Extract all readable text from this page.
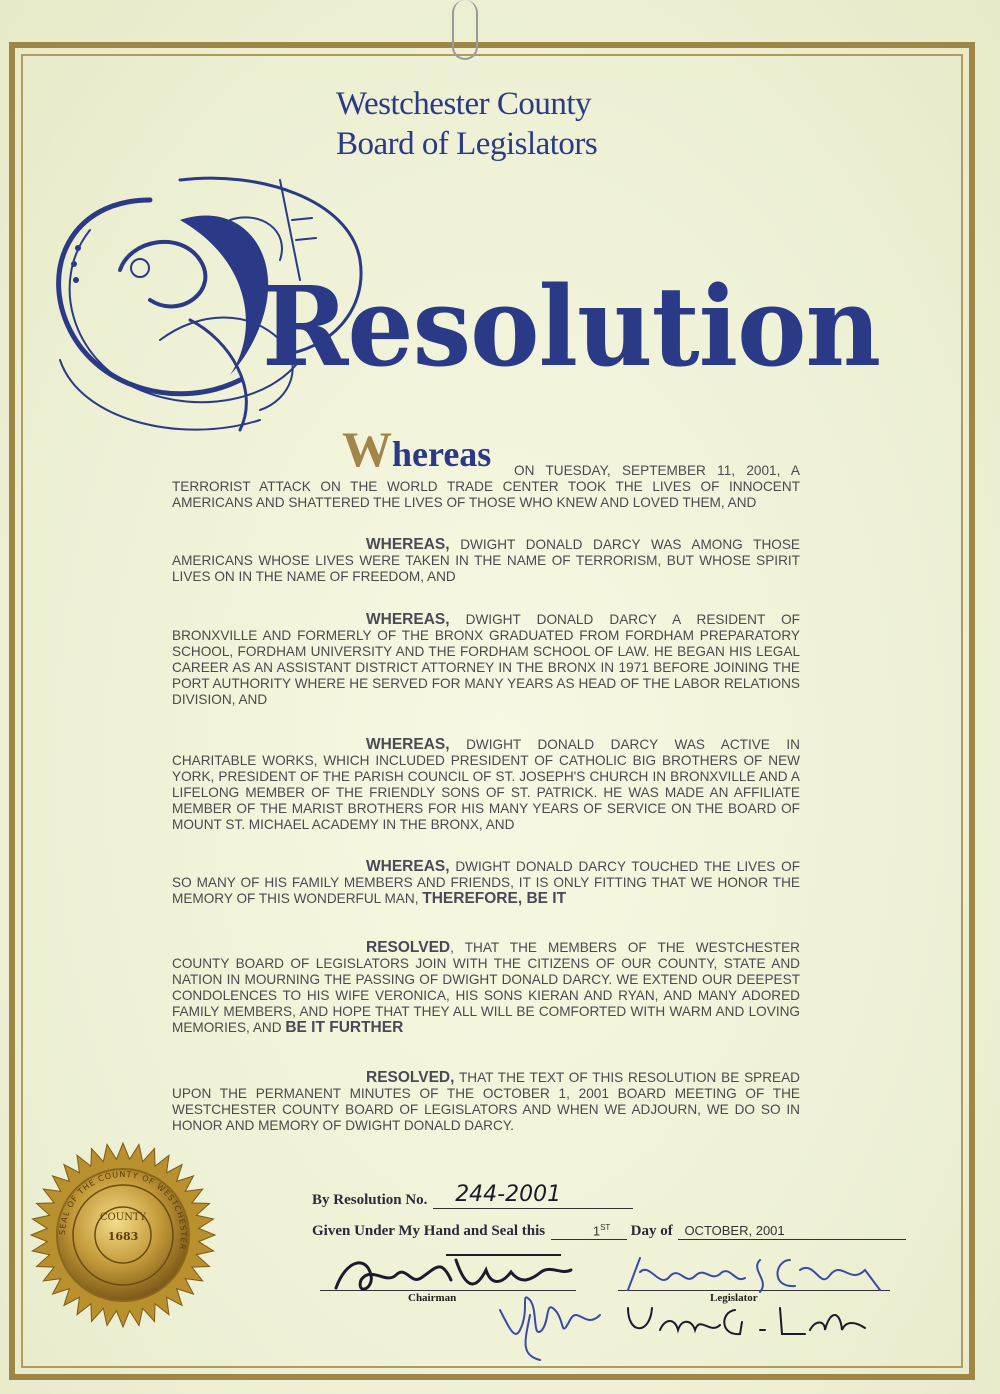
Westchester County
Board of Legislators
Resolution
Whereas	ON TUESDAY, SEPTEMBER 11, 2001, A TERRORIST ATTACK ON THE WORLD TRADE CENTER TOOK THE LIVES OF INNOCENT AMERICANS AND SHATTERED THE LIVES OF THOSE WHO KNEW AND LOVED THEM, AND
WHEREAS, DWIGHT DONALD DARCY WAS AMONG THOSE AMERICANS WHOSE LIVES WERE TAKEN IN THE NAME OF TERRORISM, BUT WHOSE SPIRIT LIVES ON IN THE NAME OF FREEDOM, AND
WHEREAS, DWIGHT DONALD DARCY A RESIDENT OF BRONXVILLE AND FORMERLY OF THE BRONX GRADUATED FROM FORDHAM PREPARATORY SCHOOL, FORDHAM UNIVERSITY AND THE FORDHAM SCHOOL OF LAW. HE BEGAN HIS LEGAL CAREER AS AN ASSISTANT DISTRICT ATTORNEY IN THE BRONX IN 1971 BEFORE JOINING THE PORT AUTHORITY WHERE HE SERVED FOR MANY YEARS AS HEAD OF THE LABOR RELATIONS DIVISION, AND
WHEREAS, DWIGHT DONALD DARCY WAS ACTIVE IN CHARITABLE WORKS, WHICH INCLUDED PRESIDENT OF CATHOLIC BIG BROTHERS OF NEW YORK, PRESIDENT OF THE PARISH COUNCIL OF ST. JOSEPH'S CHURCH IN BRONXVILLE AND A LIFELONG MEMBER OF THE FRIENDLY SONS OF ST. PATRICK. HE WAS MADE AN AFFILIATE MEMBER OF THE MARIST BROTHERS FOR HIS MANY YEARS OF SERVICE ON THE BOARD OF MOUNT ST. MICHAEL ACADEMY IN THE BRONX, AND
WHEREAS, DWIGHT DONALD DARCY TOUCHED THE LIVES OF SO MANY OF HIS FAMILY MEMBERS AND FRIENDS, IT IS ONLY FITTING THAT WE HONOR THE MEMORY OF THIS WONDERFUL MAN, THEREFORE, BE IT
RESOLVED, THAT THE MEMBERS OF THE WESTCHESTER COUNTY BOARD OF LEGISLATORS JOIN WITH THE CITIZENS OF OUR COUNTY, STATE AND NATION IN MOURNING THE PASSING OF DWIGHT DONALD DARCY. WE EXTEND OUR DEEPEST CONDOLENCES TO HIS WIFE VERONICA, HIS SONS KIERAN AND RYAN, AND MANY ADORED FAMILY MEMBERS, AND HOPE THAT THEY ALL WILL BE COMFORTED WITH WARM AND LOVING MEMORIES, AND BE IT FURTHER
RESOLVED, THAT THE TEXT OF THIS RESOLUTION BE SPREAD UPON THE PERMANENT MINUTES OF THE OCTOBER 1, 2001 BOARD MEETING OF THE WESTCHESTER COUNTY BOARD OF LEGISLATORS AND WHEN WE ADJOURN, WE DO SO IN HONOR AND MEMORY OF DWIGHT DONALD DARCY.
SEAL OF THE COUNTY OF WESTCHESTER
COUNTY
1683
By Resolution No. 244-2001
Given Under My Hand and Seal this	1ST Day of OCTOBER, 2001
Chairman	Legislator
